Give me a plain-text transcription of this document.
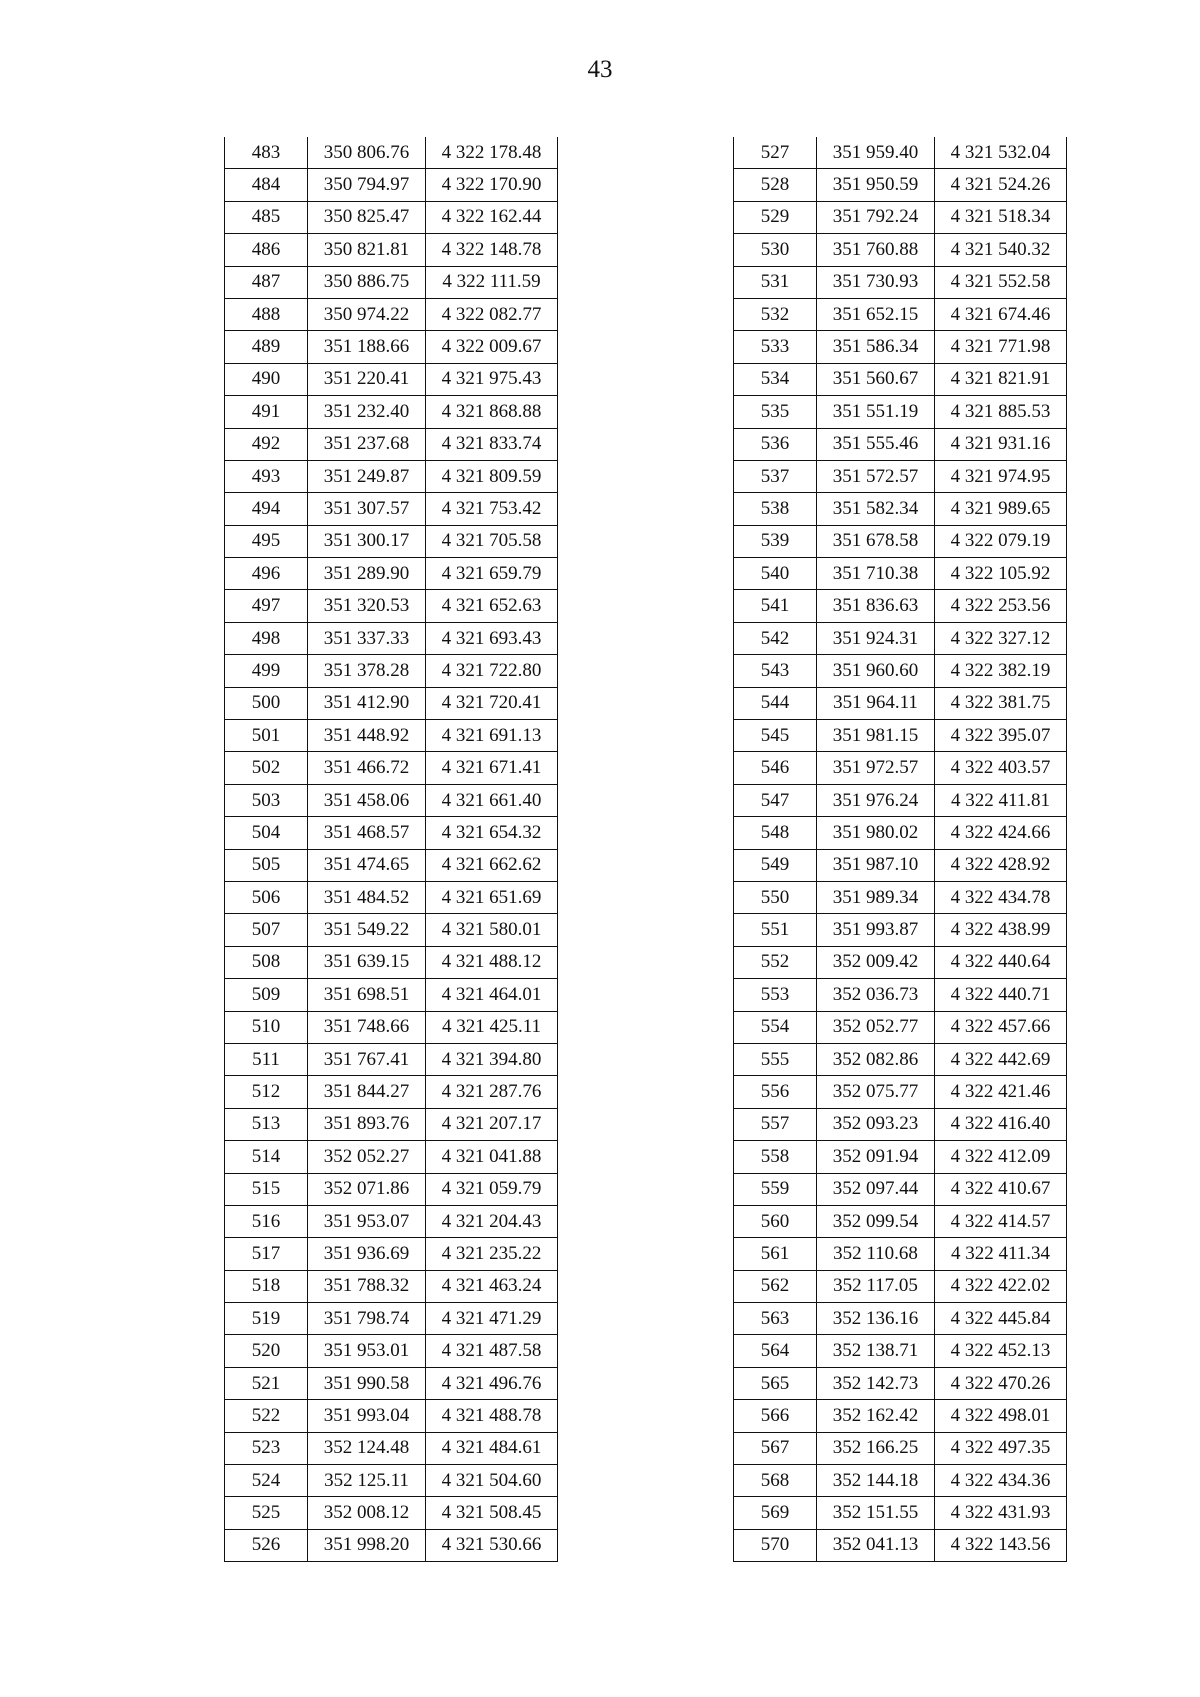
43
483	350 806.76	4 322 178.48
484	350 794.97	4 322 170.90
485	350 825.47	4 322 162.44
486	350 821.81	4 322 148.78
487	350 886.75	4 322 111.59
488	350 974.22	4 322 082.77
489	351 188.66	4 322 009.67
490	351 220.41	4 321 975.43
491	351 232.40	4 321 868.88
492	351 237.68	4 321 833.74
493	351 249.87	4 321 809.59
494	351 307.57	4 321 753.42
495	351 300.17	4 321 705.58
496	351 289.90	4 321 659.79
497	351 320.53	4 321 652.63
498	351 337.33	4 321 693.43
499	351 378.28	4 321 722.80
500	351 412.90	4 321 720.41
501	351 448.92	4 321 691.13
502	351 466.72	4 321 671.41
503	351 458.06	4 321 661.40
504	351 468.57	4 321 654.32
505	351 474.65	4 321 662.62
506	351 484.52	4 321 651.69
507	351 549.22	4 321 580.01
508	351 639.15	4 321 488.12
509	351 698.51	4 321 464.01
510	351 748.66	4 321 425.11
511	351 767.41	4 321 394.80
512	351 844.27	4 321 287.76
513	351 893.76	4 321 207.17
514	352 052.27	4 321 041.88
515	352 071.86	4 321 059.79
516	351 953.07	4 321 204.43
517	351 936.69	4 321 235.22
518	351 788.32	4 321 463.24
519	351 798.74	4 321 471.29
520	351 953.01	4 321 487.58
521	351 990.58	4 321 496.76
522	351 993.04	4 321 488.78
523	352 124.48	4 321 484.61
524	352 125.11	4 321 504.60
525	352 008.12	4 321 508.45
526	351 998.20	4 321 530.66
527	351 959.40	4 321 532.04
528	351 950.59	4 321 524.26
529	351 792.24	4 321 518.34
530	351 760.88	4 321 540.32
531	351 730.93	4 321 552.58
532	351 652.15	4 321 674.46
533	351 586.34	4 321 771.98
534	351 560.67	4 321 821.91
535	351 551.19	4 321 885.53
536	351 555.46	4 321 931.16
537	351 572.57	4 321 974.95
538	351 582.34	4 321 989.65
539	351 678.58	4 322 079.19
540	351 710.38	4 322 105.92
541	351 836.63	4 322 253.56
542	351 924.31	4 322 327.12
543	351 960.60	4 322 382.19
544	351 964.11	4 322 381.75
545	351 981.15	4 322 395.07
546	351 972.57	4 322 403.57
547	351 976.24	4 322 411.81
548	351 980.02	4 322 424.66
549	351 987.10	4 322 428.92
550	351 989.34	4 322 434.78
551	351 993.87	4 322 438.99
552	352 009.42	4 322 440.64
553	352 036.73	4 322 440.71
554	352 052.77	4 322 457.66
555	352 082.86	4 322 442.69
556	352 075.77	4 322 421.46
557	352 093.23	4 322 416.40
558	352 091.94	4 322 412.09
559	352 097.44	4 322 410.67
560	352 099.54	4 322 414.57
561	352 110.68	4 322 411.34
562	352 117.05	4 322 422.02
563	352 136.16	4 322 445.84
564	352 138.71	4 322 452.13
565	352 142.73	4 322 470.26
566	352 162.42	4 322 498.01
567	352 166.25	4 322 497.35
568	352 144.18	4 322 434.36
569	352 151.55	4 322 431.93
570	352 041.13	4 322 143.56
